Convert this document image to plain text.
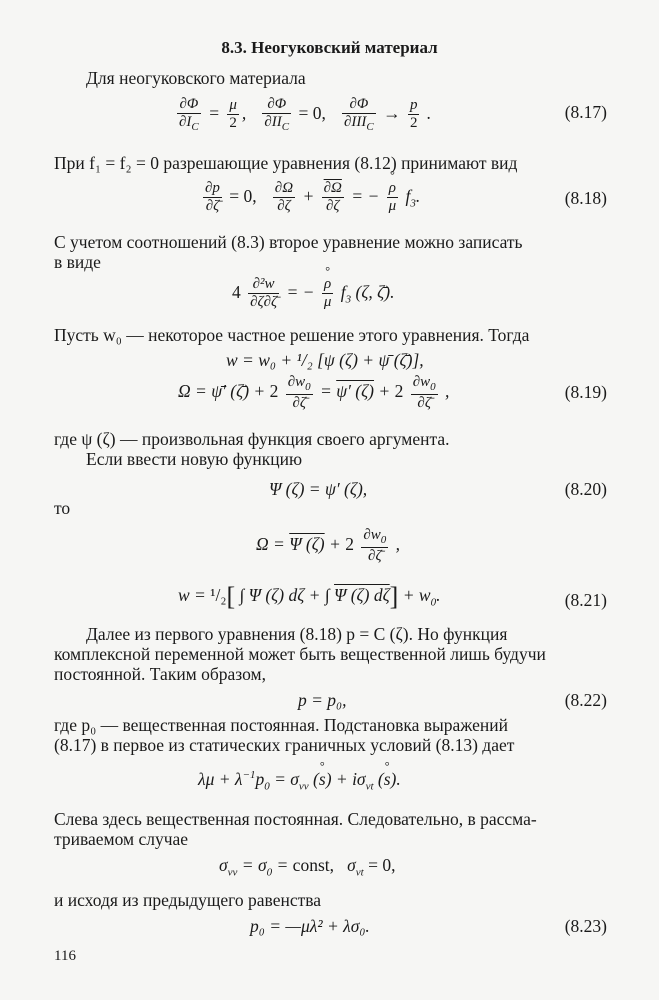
8.3. Неогуковский материал
Для неогуковского материала
$\frac{\partial\Phi}{\partial I_C} = \frac{\mu}{2}$ , $\frac{\partial\Phi}{\partial II_C} = 0$, $\frac{\partial\Phi}{\partial III_C} \to \frac{p}{2}$ .	(8.17)
При f₁ = f₂ = 0 разрешающие уравнения (8.12) принимают вид
$\frac{\partial p}{\partial\zetā} = 0$, $\frac{\partial\Omega}{\partial\zeta} + \frac{\partial\Omega}{\partial\zeta}$ = − ° $\frac{\rho}{\mu} f_3$.	(8.18)
С учетом соотношений (8.3) второе уравнение можно записать
в виде
$4 \frac{\text{∂²w}}{\partial\zeta\partial\zetā}$ = − ° $\frac{\rho}{\mu} f_3$ (ζ, ζ̄).
Пусть w₀ — некоторое частное решение этого уравнения. Тогда
w = w₀ + ¹/₂ [ψ (ζ) + ψ̄ (ζ̄)],
Ω = ψ̄′ (ζ̄) + $2 \frac{\partial w_0}{\partial\zetā} = \psi'$ $(\zeta) + 2 \frac{\partial w_0}{\partial\zetā}$ ,	(8.19)
где ψ (ζ) — произвольная функция своего аргумента.
Если ввести новую функцию
Ψ (ζ) = ψ′ (ζ),	(8.20)
то
Ω = Ψ $(\zeta) + 2 \frac{\partial w_0}{\partial\zetā}$ ,
w = ¹/₂[ ∫ Ψ (ζ) dζ + ∫ Ψ (ζ) $d\zeta] + w_0$.	(8.21)
Далее из первого уравнения (8.18) p = C (ζ). Но функция
комплексной переменной может быть вещественной лишь будучи
постоянной. Таким образом,
p = p₀,	(8.22)
где p₀ — вещественная постоянная. Подстановка выражений
(8.17) в первое из статических граничных условий (8.13) дает
$\lambda\mu + \lambda^{-1}p_0 = \sigma_{vv}$ (° $s) + i\sigma_{vt}$ (° s).
Слева здесь вещественная постоянная. Следовательно, в рассма-
триваемом случае
$\sigma_{vv} = \sigma_0$ = const,   $\sigma_{vt} = 0$,
и исходя из предыдущего равенства
p₀ = —μλ² + λσ₀.	(8.23)
116
